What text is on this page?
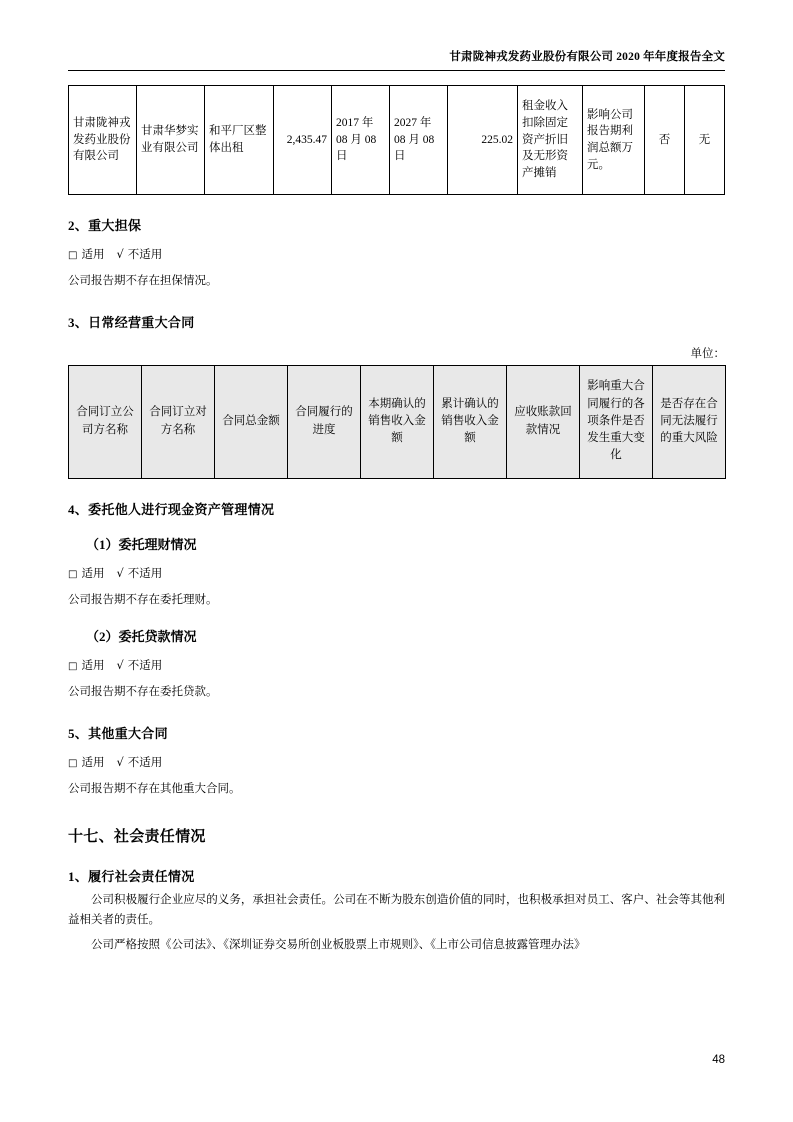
甘肃陇神戎发药业股份有限公司 2020 年年度报告全文
甘肃陇神戎发药业股份有限公司	甘肃华梦实业有限公司	和平厂区整体出租	2,435.47	2017 年 08 月 08 日	2027 年 08 月 08 日	225.02	租金收入扣除固定资产折旧及无形资产摊销	影响公司报告期利润总额万元。	否	无
2、重大担保
□ 适用 √ 不适用
公司报告期不存在担保情况。
3、日常经营重大合同
单位：
合同订立公司方名称	合同订立对方名称	合同总金额	合同履行的进度	本期确认的销售收入金额	累计确认的销售收入金额	应收账款回款情况	影响重大合同履行的各项条件是否发生重大变化	是否存在合同无法履行的重大风险
4、委托他人进行现金资产管理情况
（1）委托理财情况
□ 适用 √ 不适用
公司报告期不存在委托理财。
（2）委托贷款情况
□ 适用 √ 不适用
公司报告期不存在委托贷款。
5、其他重大合同
□ 适用 √ 不适用
公司报告期不存在其他重大合同。
十七、社会责任情况
1、履行社会责任情况
公司积极履行企业应尽的义务，承担社会责任。公司在不断为股东创造价值的同时，也积极承担对员工、客户、社会等其他利益相关者的责任。
公司严格按照《公司法》、《深圳证券交易所创业板股票上市规则》、《上市公司信息披露管理办法》
48
